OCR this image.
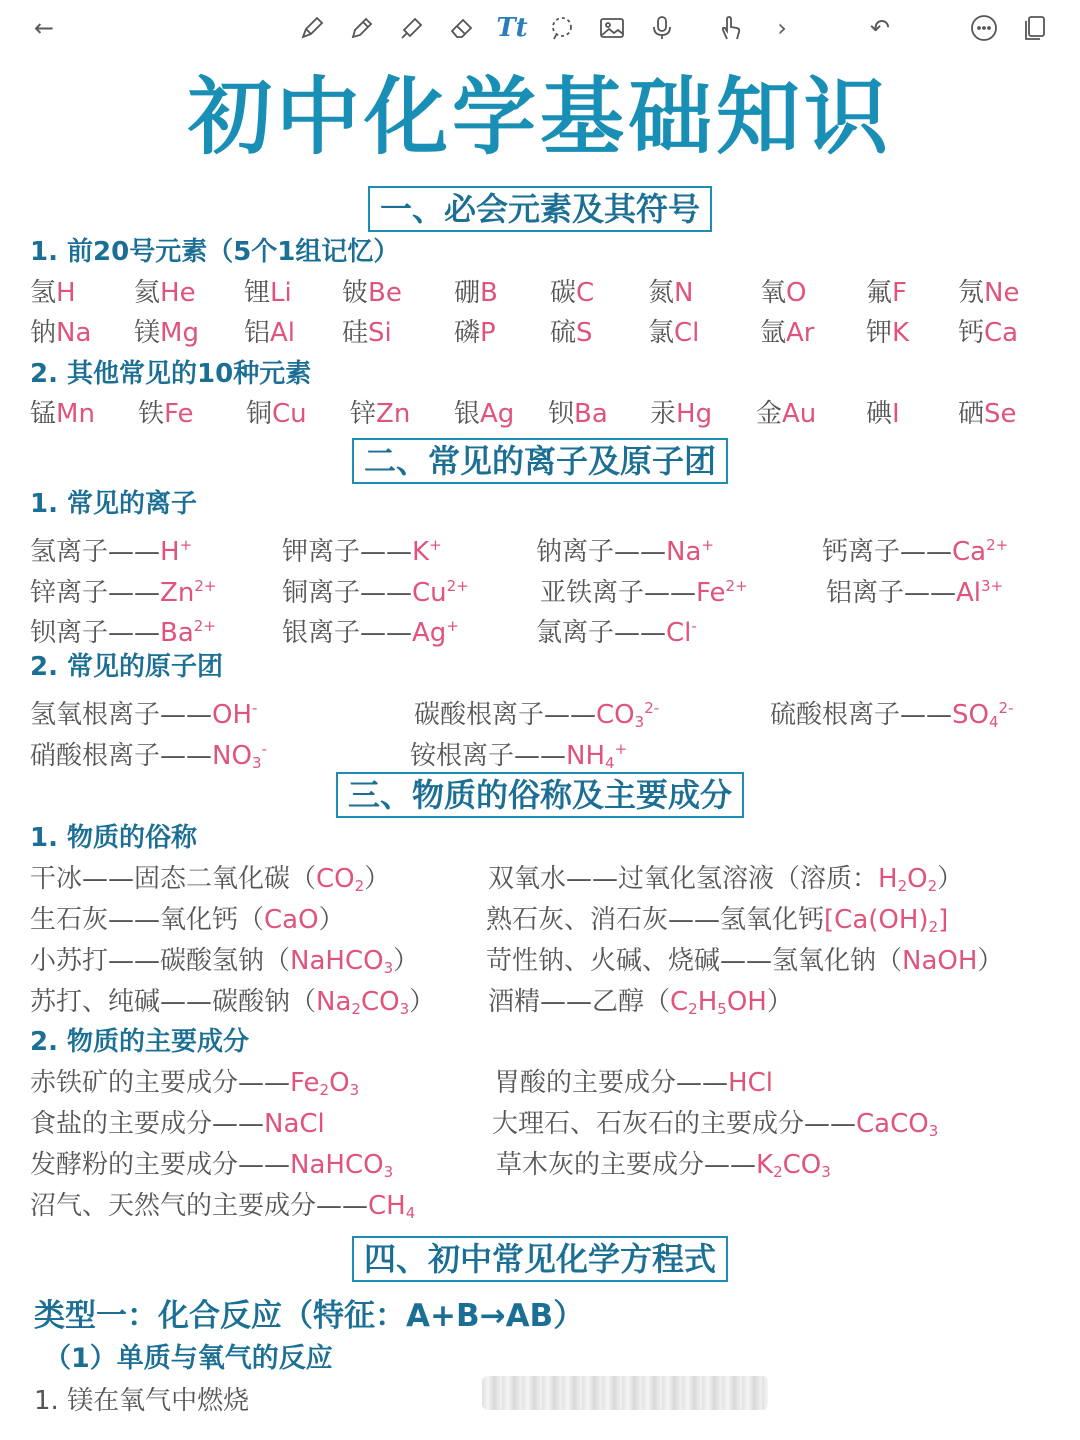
←	Tt	›	↶
初中化学基础知识
一、必会元素及其符号
1. 前20号元素（5个1组记忆）
氢H 氦He 锂Li 铍Be 硼B 碳C 氮N	氧O 氟F 氖Ne
钠Na 镁Mg 铝Al 硅Si 磷P 硫S 氯Cl 氩Ar 钾K 钙Ca
2. 其他常见的10种元素
锰Mn 铁Fe 铜Cu 锌Zn 银Ag 钡Ba 汞Hg 金Au 碘I 硒Se
二、常见的离子及原子团
1. 常见的离子
氢离子——H+	钾离子——K+	钠离子——Na+	钙离子$——Ca^{2+}$
锌离子$——Zn^{2+}$	铜离子$——Cu^{2+}$	亚铁离子$——Fe^{2+}$	铝离子$——Al^{3+}$
钡离子$——Ba^{2+}$	银离子——Ag+	氯离子——Cl-
2. 常见的原子团
氢氧根离子——OH-	碳酸根离子$——CO_3^{2-}$	硫酸根离子$——SO_4^{2-}$
硝酸根离子$——NO_3^-$	铵根离子$——NH_4^+$
三、物质的俗称及主要成分
1. 物质的俗称
干冰——固态二氧化碳$(CO_2)$	双氧水——过氧化氢溶液（溶质：$H_2O_2$）
生石灰——氧化钙（CaO）	熟石灰、消石灰——氢氧化钙$[Ca(OH)_2]$
小苏打——碳酸氢钠（NaHCO$_3$）	苛性钠、火碱、烧碱——氢氧化钠（NaOH）
苏打、纯碱——碳酸钠$(Na_2CO_3)$ 酒精——乙醇$(C_2H_5OH)$
2. 物质的主要成分
赤铁矿的主要成分$——Fe_2O_3$	胃酸的主要成分——HCl
食盐的主要成分——NaCl	大理石、石灰石的主要成分——CaCO$_3$
发酵粉的主要成分——NaHCO$_3$	草木灰的主要成分$——K_2CO_3$
沼气、天然气的主要成分$——CH_4$
四、初中常见化学方程式
类型一：化合反应（特征：A+B→AB）
（1）单质与氧气的反应
1. 镁在氧气中燃烧
